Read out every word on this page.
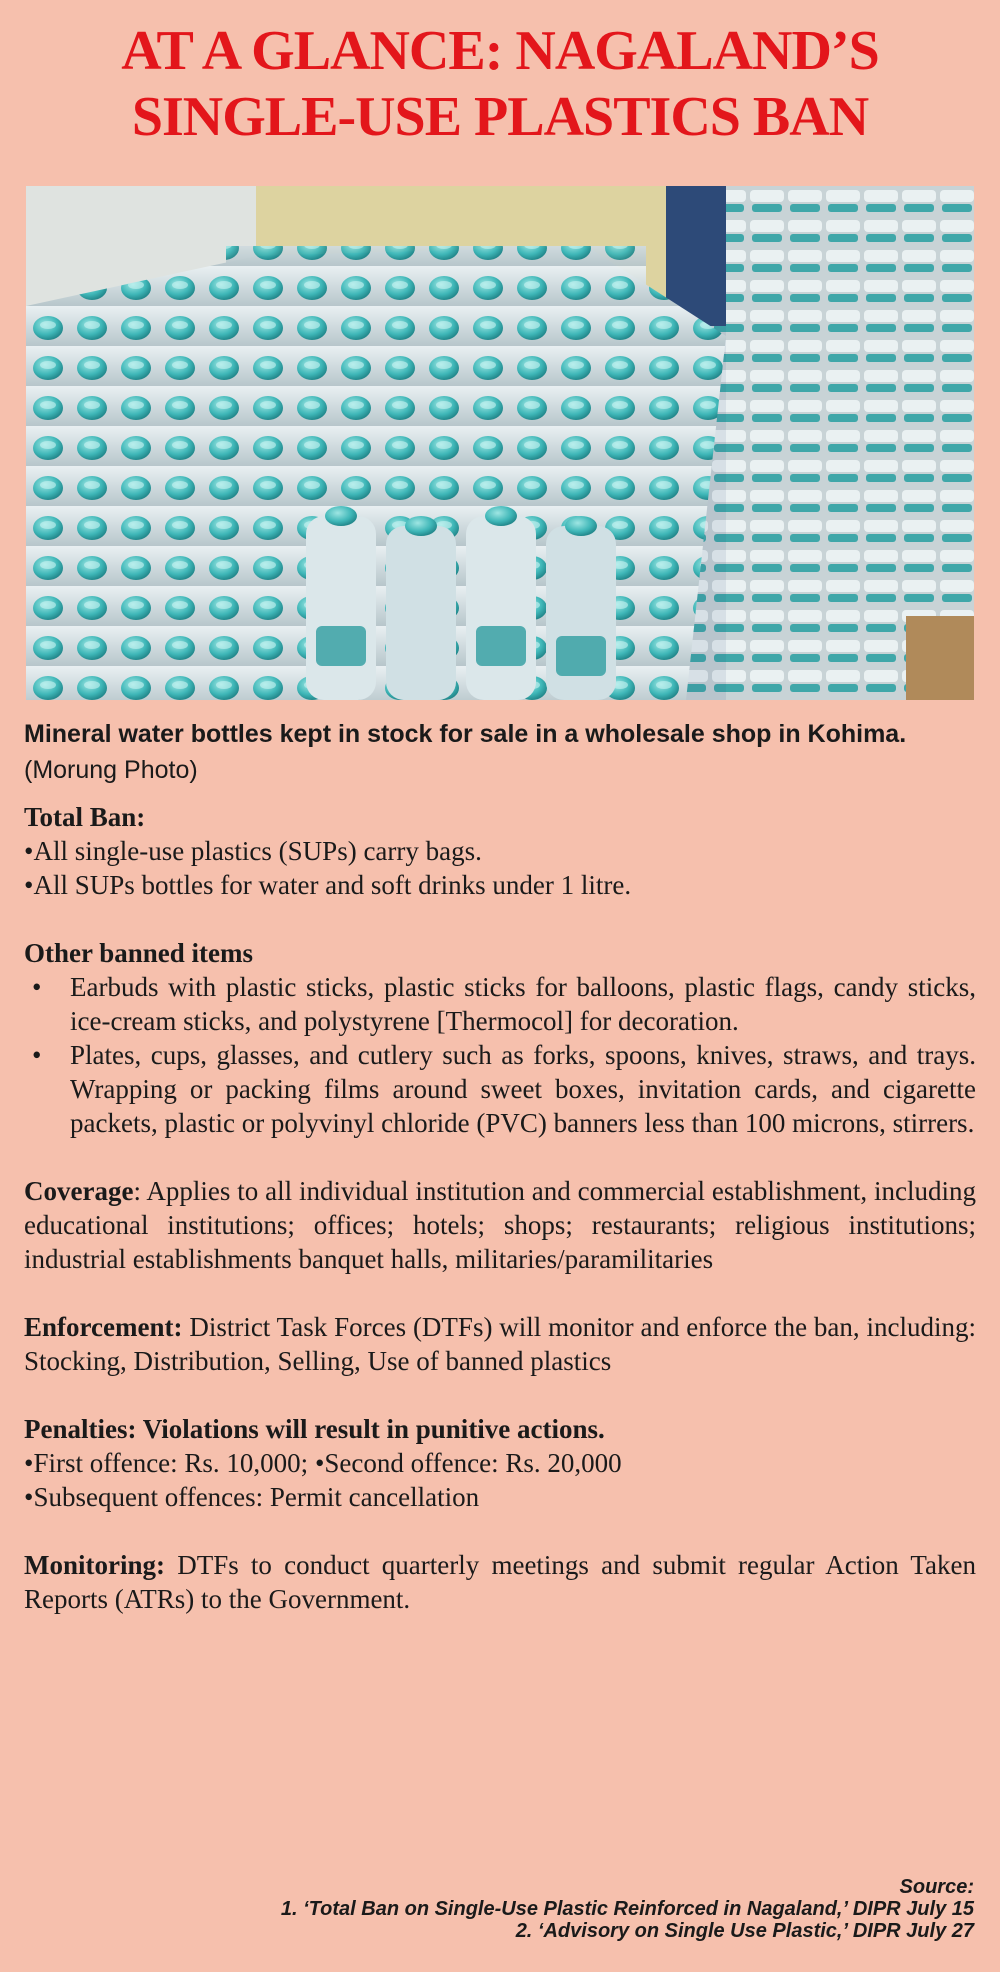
AT A GLANCE: NAGALAND’S
SINGLE-USE PLASTICS BAN
Mineral water bottles kept in stock for sale in a wholesale shop in Kohima. (Morung Photo)
Total Ban:
•All single-use plastics (SUPs) carry bags.
•All SUPs bottles for water and soft drinks under 1 litre.
Other banned items
• Earbuds with plastic sticks, plastic sticks for balloons, plastic flags, candy sticks, ice-cream sticks, and polystyrene [Thermocol] for decoration.
• Plates, cups, glasses, and cutlery such as forks, spoons, knives, straws, and trays. Wrapping or packing films around sweet boxes, invitation cards, and cigarette packets, plastic or polyvinyl chloride (PVC) banners less than 100 microns, stirrers.
Coverage: Applies to all individual institution and commercial establishment, including educational institutions; offices; hotels; shops; restaurants; religious institutions; industrial establishments banquet halls, militaries/paramilitaries
Enforcement: District Task Forces (DTFs) will monitor and enforce the ban, including: Stocking, Distribution, Selling, Use of banned plastics
Penalties: Violations will result in punitive actions.
•First offence: Rs. 10,000; •Second offence: Rs. 20,000
•Subsequent offences: Permit cancellation
Monitoring: DTFs to conduct quarterly meetings and submit regular Action Taken Reports (ATRs) to the Government.
Source:
1. ‘Total Ban on Single-Use Plastic Reinforced in Nagaland,’ DIPR July 15
2. ‘Advisory on Single Use Plastic,’ DIPR July 27
